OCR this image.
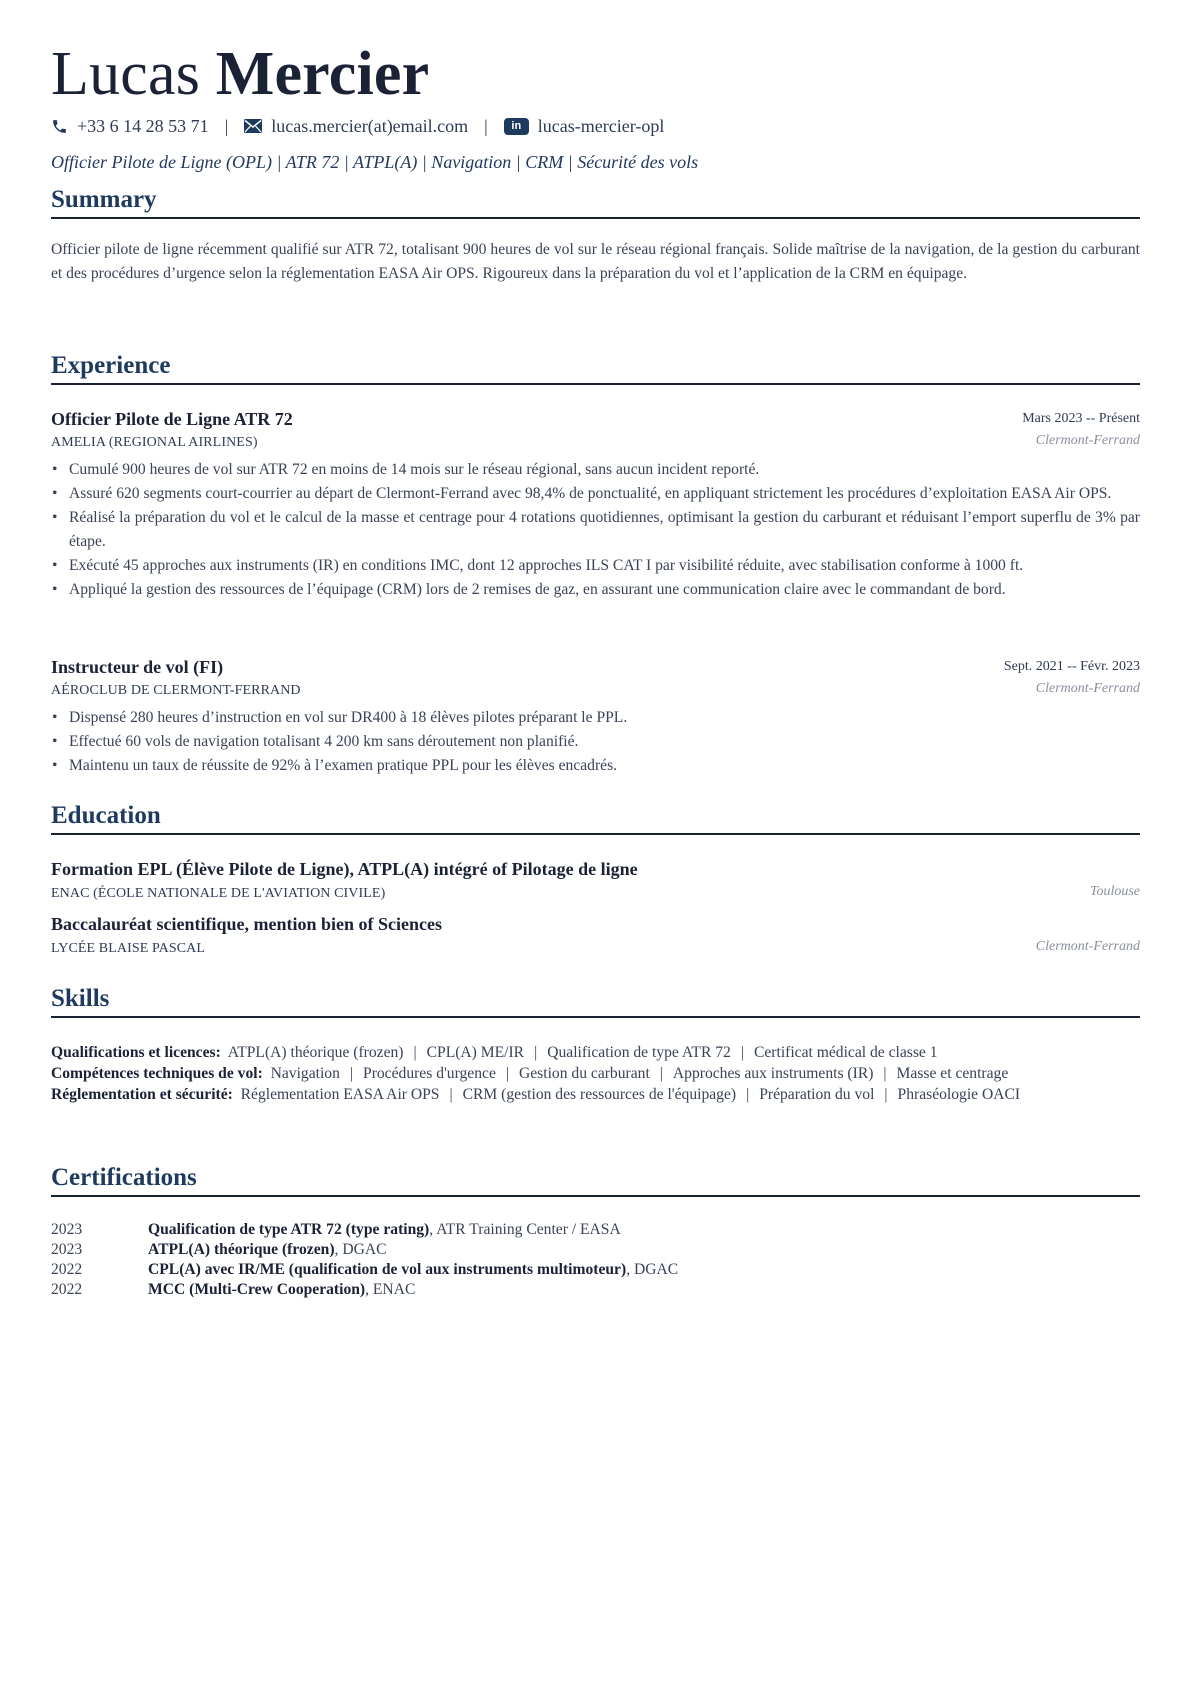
Lucas Mercier
+33 6 14 28 53 71 | lucas.mercier(at)email.com |	in lucas-mercier-opl
Officier Pilote de Ligne (OPL) | ATR 72 | ATPL(A) | Navigation | CRM | Sécurité des vols
Summary

Officier pilote de ligne récemment qualifié sur ATR 72, totalisant 900 heures de vol sur le réseau régional français. Solide maîtrise de la navigation, de la gestion du carburant et des procédures d’urgence selon la réglementation EASA Air OPS. Rigoureux dans la préparation du vol et l’application de la CRM en équipage.

Experience
Officier Pilote de Ligne ATR 72	Mars 2023 -- Présent
AMELIA (REGIONAL AIRLINES)	Clermont-Ferrand
• Cumulé 900 heures de vol sur ATR 72 en moins de 14 mois sur le réseau régional, sans aucun incident reporté.
• Assuré 620 segments court-courrier au départ de Clermont-Ferrand avec 98,4% de ponctualité, en appliquant strictement les procédures d’exploitation EASA Air OPS.
• Réalisé la préparation du vol et le calcul de la masse et centrage pour 4 rotations quotidiennes, optimisant la gestion du carburant et réduisant l’emport superflu de 3% par étape.
• Exécuté 45 approches aux instruments (IR) en conditions IMC, dont 12 approches ILS CAT I par visibilité réduite, avec stabilisation conforme à 1000 ft.
• Appliqué la gestion des ressources de l’équipage (CRM) lors de 2 remises de gaz, en assurant une communication claire avec le commandant de bord.
Instructeur de vol (FI)	Sept. 2021 -- Févr. 2023
AÉROCLUB DE CLERMONT-FERRAND	Clermont-Ferrand
• Dispensé 280 heures d’instruction en vol sur DR400 à 18 élèves pilotes préparant le PPL.
• Effectué 60 vols de navigation totalisant 4 200 km sans déroutement non planifié.
• Maintenu un taux de réussite de 92% à l’examen pratique PPL pour les élèves encadrés.
Education
Formation EPL (Élève Pilote de Ligne), ATPL(A) intégré of Pilotage de ligne
ENAC (ÉCOLE NATIONALE DE L'AVIATION CIVILE)	Toulouse
Baccalauréat scientifique, mention bien of Sciences
LYCÉE BLAISE PASCAL	Clermont-Ferrand
Skills
Qualifications et licences: ATPL(A) théorique (frozen) | CPL(A) ME/IR | Qualification de type ATR 72 | Certificat médical de classe 1
Compétences techniques de vol: Navigation | Procédures d'urgence | Gestion du carburant | Approches aux instruments (IR) | Masse et centrage
Réglementation et sécurité: Réglementation EASA Air OPS | CRM (gestion des ressources de l'équipage) | Préparation du vol | Phraséologie OACI
Certifications
2023	Qualification de type ATR 72 (type rating), ATR Training Center / EASA
2023	ATPL(A) théorique (frozen), DGAC
2022	CPL(A) avec IR/ME (qualification de vol aux instruments multimoteur), DGAC
2022	MCC (Multi-Crew Cooperation), ENAC
